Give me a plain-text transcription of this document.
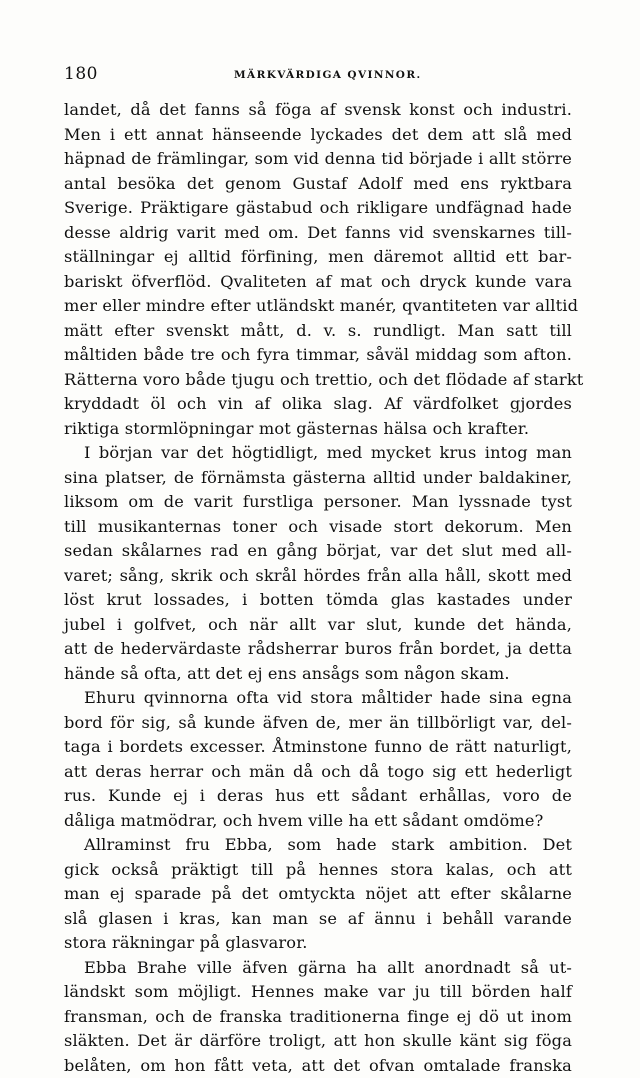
180	MÄRKVÄRDIGA QVINNOR.
landet, då det fanns så föga af svensk konst och industri.
Men i ett annat hänseende lyckades det dem att slå med
häpnad de främlingar, som vid denna tid började i allt större
antal besöka det genom Gustaf Adolf med ens ryktbara
Sverige. Präktigare gästabud och rikligare undfägnad hade
desse aldrig varit med om. Det fanns vid svenskarnes till-
ställningar ej alltid förfining, men däremot alltid ett bar-
bariskt öfverflöd. Qvaliteten af mat och dryck kunde vara
mer eller mindre efter utländskt manér, qvantiteten var alltid
mätt efter svenskt mått, d. v. s. rundligt. Man satt till
måltiden både tre och fyra timmar, såväl middag som afton.
Rätterna voro både tjugu och trettio, och det flödade af starkt
kryddadt öl och vin af olika slag. Af värdfolket gjordes
riktiga stormlöpningar mot gästernas hälsa och krafter.
I början var det högtidligt, med mycket krus intog man
sina platser, de förnämsta gästerna alltid under baldakiner,
liksom om de varit furstliga personer. Man lyssnade tyst
till musikanternas toner och visade stort dekorum. Men
sedan skålarnes rad en gång börjat, var det slut med all-
varet; sång, skrik och skrål hördes från alla håll, skott med
löst krut lossades, i botten tömda glas kastades under
jubel i golfvet, och när allt var slut, kunde det hända,
att de hedervärdaste rådsherrar buros från bordet, ja detta
hände så ofta, att det ej ens ansågs som någon skam.
Ehuru qvinnorna ofta vid stora måltider hade sina egna
bord för sig, så kunde äfven de, mer än tillbörligt var, del-
taga i bordets excesser. Åtminstone funno de rätt naturligt,
att deras herrar och män då och då togo sig ett hederligt
rus. Kunde ej i deras hus ett sådant erhållas, voro de
dåliga matmödrar, och hvem ville ha ett sådant omdöme?
Allraminst fru Ebba, som hade stark ambition. Det
gick också präktigt till på hennes stora kalas, och att
man ej sparade på det omtyckta nöjet att efter skålarne
slå glasen i kras, kan man se af ännu i behåll varande
stora räkningar på glasvaror.
Ebba Brahe ville äfven gärna ha allt anordnadt så ut-
ländskt som möjligt. Hennes make var ju till börden half
fransman, och de franska traditionerna finge ej dö ut inom
släkten. Det är därföre troligt, att hon skulle känt sig föga
belåten, om hon fått veta, att det ofvan omtalade franska
